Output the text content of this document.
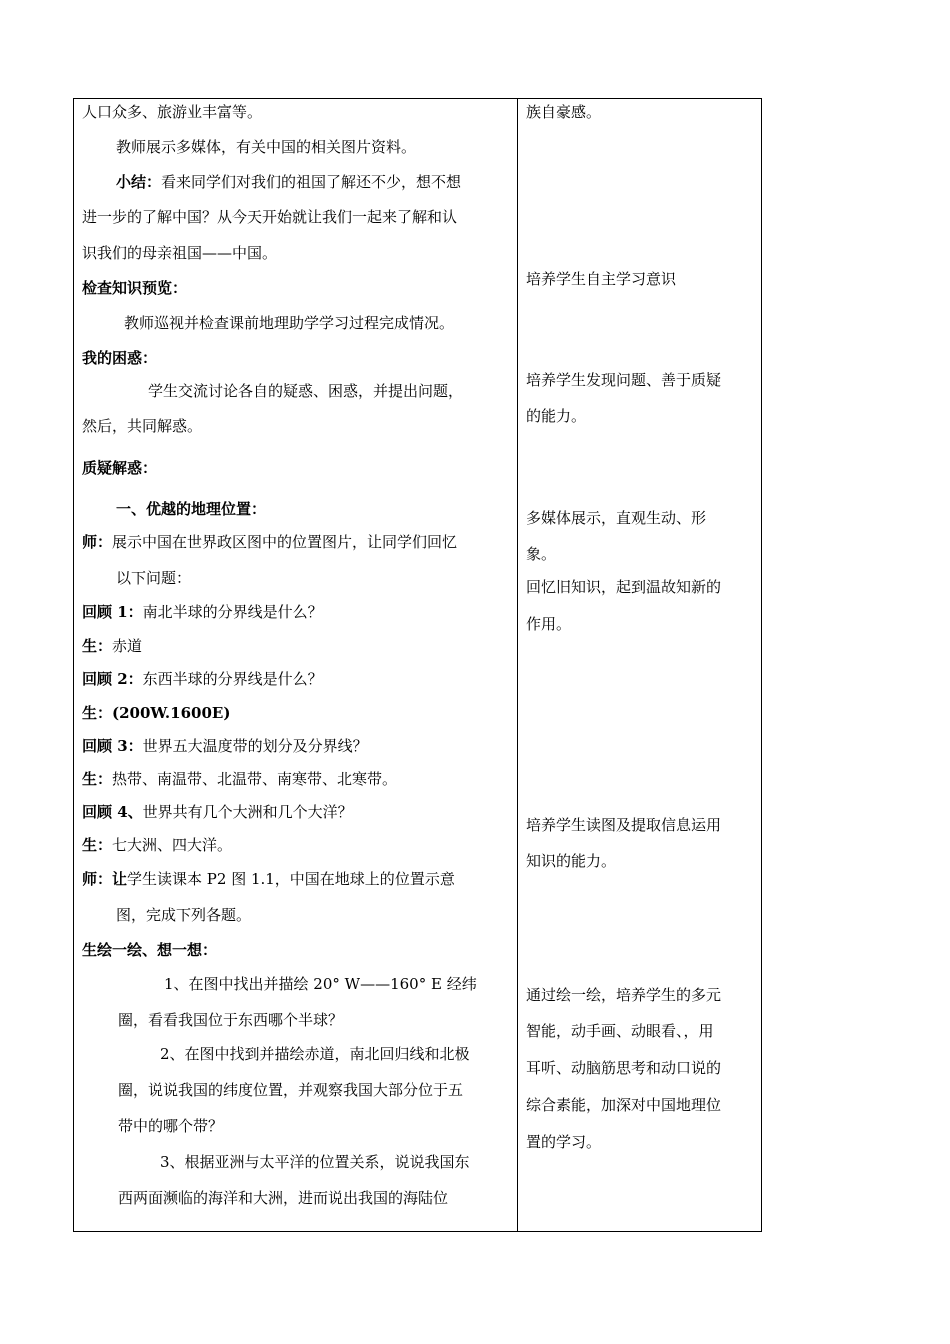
人口众多、旅游业丰富等。
教师展示多媒体，有关中国的相关图片资料。
小结：看来同学们对我们的祖国了解还不少，想不想
进一步的了解中国？从今天开始就让我们一起来了解和认
识我们的母亲祖国——中国。
检查知识预览：
教师巡视并检查课前地理助学学习过程完成情况。
我的困惑：
学生交流讨论各自的疑惑、困惑，并提出问题，
然后，共同解惑。
质疑解惑：
一、优越的地理位置：
师：展示中国在世界政区图中的位置图片，让同学们回忆
以下问题：
回顾 1：南北半球的分界线是什么？
生：赤道
回顾 2：东西半球的分界线是什么？
生：(200W.1600E)
回顾 3：世界五大温度带的划分及分界线？
生：热带、南温带、北温带、南寒带、北寒带。
回顾 4、世界共有几个大洲和几个大洋？
生：七大洲、四大洋。
师：让学生读课本 P2 图 1.1，中国在地球上的位置示意
图，完成下列各题。
生绘一绘、想一想：
1、在图中找出并描绘 20° W——160° E 经纬
圈，看看我国位于东西哪个半球？
2、在图中找到并描绘赤道，南北回归线和北极
圈，说说我国的纬度位置，并观察我国大部分位于五
带中的哪个带？
3、根据亚洲与太平洋的位置关系，说说我国东
西两面濒临的海洋和大洲，进而说出我国的海陆位
族自豪感。
培养学生自主学习意识
培养学生发现问题、善于质疑
的能力。
多媒体展示，直观生动、形
象。
回忆旧知识，起到温故知新的
作用。
培养学生读图及提取信息运用
知识的能力。
通过绘一绘，培养学生的多元
智能，动手画、动眼看、，用
耳听、动脑筋思考和动口说的
综合素能，加深对中国地理位
置的学习。
